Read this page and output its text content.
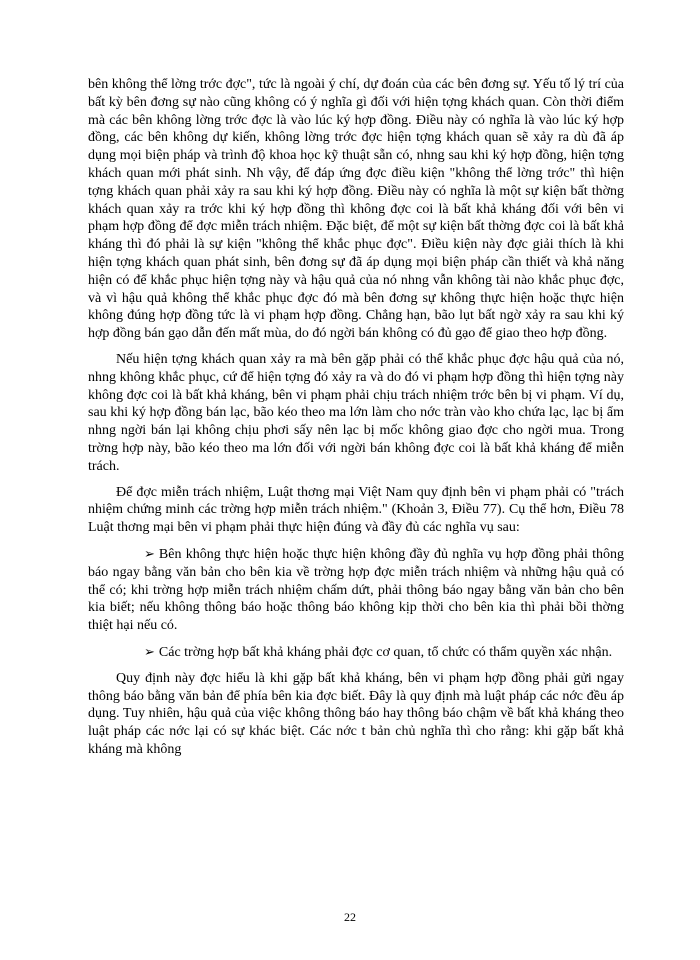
bên không thể lờng trớc đợc", tức là ngoài ý chí, dự đoán của các bên đơng sự. Yếu tố lý trí của bất kỳ bên đơng sự nào cũng không có ý nghĩa gì đối với hiện tợng khách quan. Còn thời điểm mà các bên không lờng trớc đợc là vào lúc ký hợp đồng. Điều này có nghĩa là vào lúc ký hợp đồng, các bên không dự kiến, không lờng trớc đợc hiện tợng khách quan sẽ xảy ra dù đã áp dụng mọi biện pháp và trình độ khoa học kỹ thuật sẵn có, nhng sau khi ký hợp đồng, hiện tợng khách quan mới phát sinh. Nh vậy, để đáp ứng đợc điều kiện "không thể lờng trớc" thì hiện tợng khách quan phải xảy ra sau khi ký hợp đồng. Điều này có nghĩa là một sự kiện bất thờng khách quan xảy ra trớc khi ký hợp đồng thì không đợc coi là bất khả kháng đối với bên vi phạm hợp đồng để đợc miễn trách nhiệm. Đặc biệt, để một sự kiện bất thờng đợc coi là bất khả kháng thì đó phải là sự kiện "không thể khắc phục đợc". Điều kiện này đợc giải thích là khi hiện tợng khách quan phát sinh, bên đơng sự đã áp dụng mọi biện pháp cần thiết và khả năng hiện có để khắc phục hiện tợng này và hậu quả của nó nhng vẫn không tài nào khắc phục đợc, và vì hậu quả không thể khắc phục đợc đó mà bên đơng sự không thực hiện hoặc thực hiện không đúng hợp đồng tức là vi phạm hợp đồng. Chẳng hạn, bão lụt bất ngờ xảy ra sau khi ký hợp đồng bán gạo dẫn đến mất mùa, do đó ngời bán không có đủ gạo để giao theo hợp đồng.

Nếu hiện tợng khách quan xảy ra mà bên gặp phải có thể khắc phục đợc hậu quả của nó, nhng không khắc phục, cứ để hiện tợng đó xảy ra và do đó vi phạm hợp đồng thì hiện tợng này không đợc coi là bất khả kháng, bên vi phạm phải chịu trách nhiệm trớc bên bị vi phạm. Ví dụ, sau khi ký hợp đồng bán lạc, bão kéo theo ma lớn làm cho nớc tràn vào kho chứa lạc, lạc bị ẩm nhng ngời bán lại không chịu phơi sấy nên lạc bị mốc không giao đợc cho ngời mua. Trong trờng hợp này, bão kéo theo ma lớn đối với ngời bán không đợc coi là bất khả kháng để miễn trách.

Để đợc miễn trách nhiệm, Luật thơng mại Việt Nam quy định bên vi phạm phải có "trách nhiệm chứng minh các trờng hợp miễn trách nhiệm." (Khoản 3, Điều 77). Cụ thể hơn, Điều 78 Luật thơng mại bên vi phạm phải thực hiện đúng và đầy đủ các nghĩa vụ sau:

➢ Bên không thực hiện hoặc thực hiện không đầy đủ nghĩa vụ hợp đồng phải thông báo ngay bằng văn bản cho bên kia về trờng hợp đợc miễn trách nhiệm và những hậu quả có thể có; khi trờng hợp miễn trách nhiệm chấm dứt, phải thông báo ngay bằng văn bản cho bên kia biết; nếu không thông báo hoặc thông báo không kịp thời cho bên kia thì phải bồi thờng thiệt hại nếu có.

➢ Các trờng hợp bất khả kháng phải đợc cơ quan, tổ chức có thẩm quyền xác nhận.

Quy định này đợc hiểu là khi gặp bất khả kháng, bên vi phạm hợp đồng phải gửi ngay thông báo bằng văn bản để phía bên kia đợc biết. Đây là quy định mà luật pháp các nớc đều áp dụng. Tuy nhiên, hậu quả của việc không thông báo hay thông báo chậm về bất khả kháng theo luật pháp các nớc lại có sự khác biệt. Các nớc t bản chủ nghĩa thì cho rằng: khi gặp bất khả kháng mà không

22
